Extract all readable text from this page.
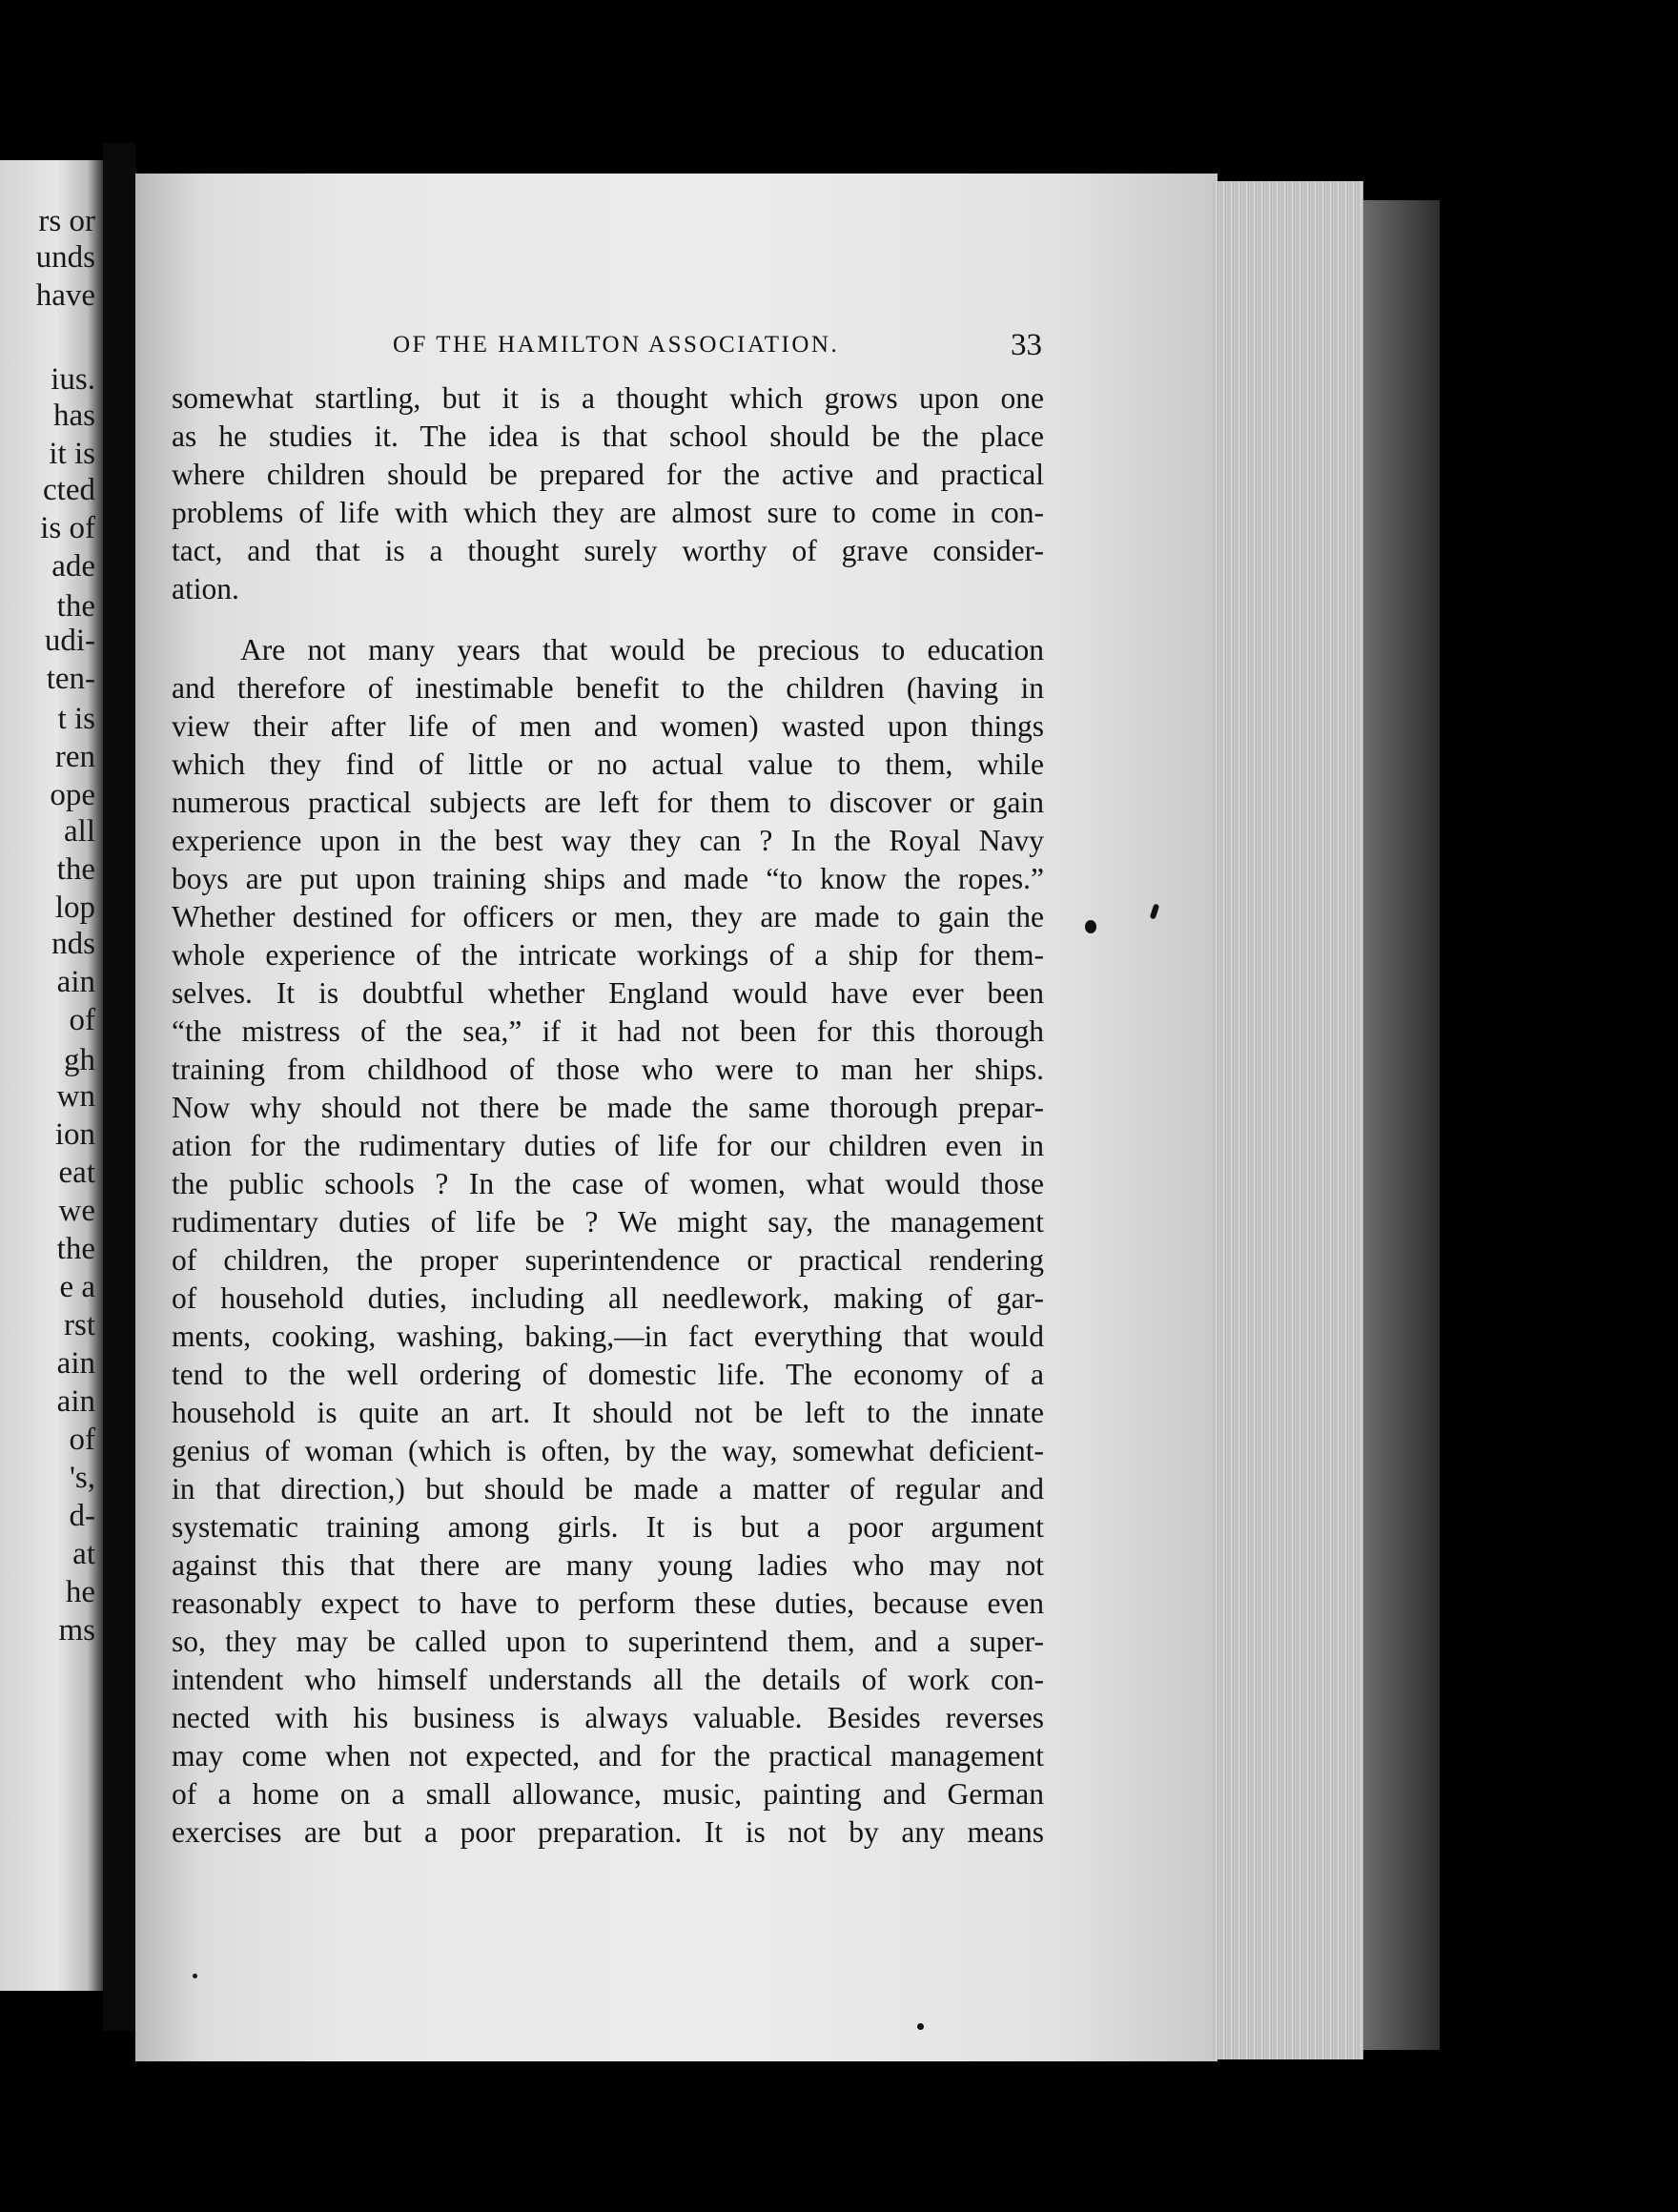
rs or
unds
have
ius.
has
it is
cted
is of
ade
the
udi-
ten-
t is
ren
ope
all
the
lop
nds
ain
of
gh
wn
ion
eat
we
the
e a
rst
ain
ain
of
's,
d-
at
he
ms
OF THE HAMILTON ASSOCIATION.	33
somewhat startling, but it is a thought which grows upon one
as he studies it. The idea is that school should be the place
where children should be prepared for the active and practical
problems of life with which they are almost sure to come in con-
tact, and that is a thought surely worthy of grave consider-
ation.
Are not many years that would be precious to education
and therefore of inestimable benefit to the children (having in
view their after life of men and women) wasted upon things
which they find of little or no actual value to them, while
numerous practical subjects are left for them to discover or gain
experience upon in the best way they can ? In the Royal Navy
boys are put upon training ships and made “to know the ropes.”
Whether destined for officers or men, they are made to gain the
whole experience of the intricate workings of a ship for them-
selves. It is doubtful whether England would have ever been
“the mistress of the sea,” if it had not been for this thorough
training from childhood of those who were to man her ships.
Now why should not there be made the same thorough prepar-
ation for the rudimentary duties of life for our children even in
the public schools ? In the case of women, what would those
rudimentary duties of life be ? We might say, the management
of children, the proper superintendence or practical rendering
of household duties, including all needlework, making of gar-
ments, cooking, washing, baking,—in fact everything that would
tend to the well ordering of domestic life. The economy of a
household is quite an art. It should not be left to the innate
genius of woman (which is often, by the way, somewhat deficient-
in that direction,) but should be made a matter of regular and
systematic training among girls. It is but a poor argument
against this that there are many young ladies who may not
reasonably expect to have to perform these duties, because even
so, they may be called upon to superintend them, and a super-
intendent who himself understands all the details of work con-
nected with his business is always valuable. Besides reverses
may come when not expected, and for the practical management
of a home on a small allowance, music, painting and German
exercises are but a poor preparation. It is not by any means
